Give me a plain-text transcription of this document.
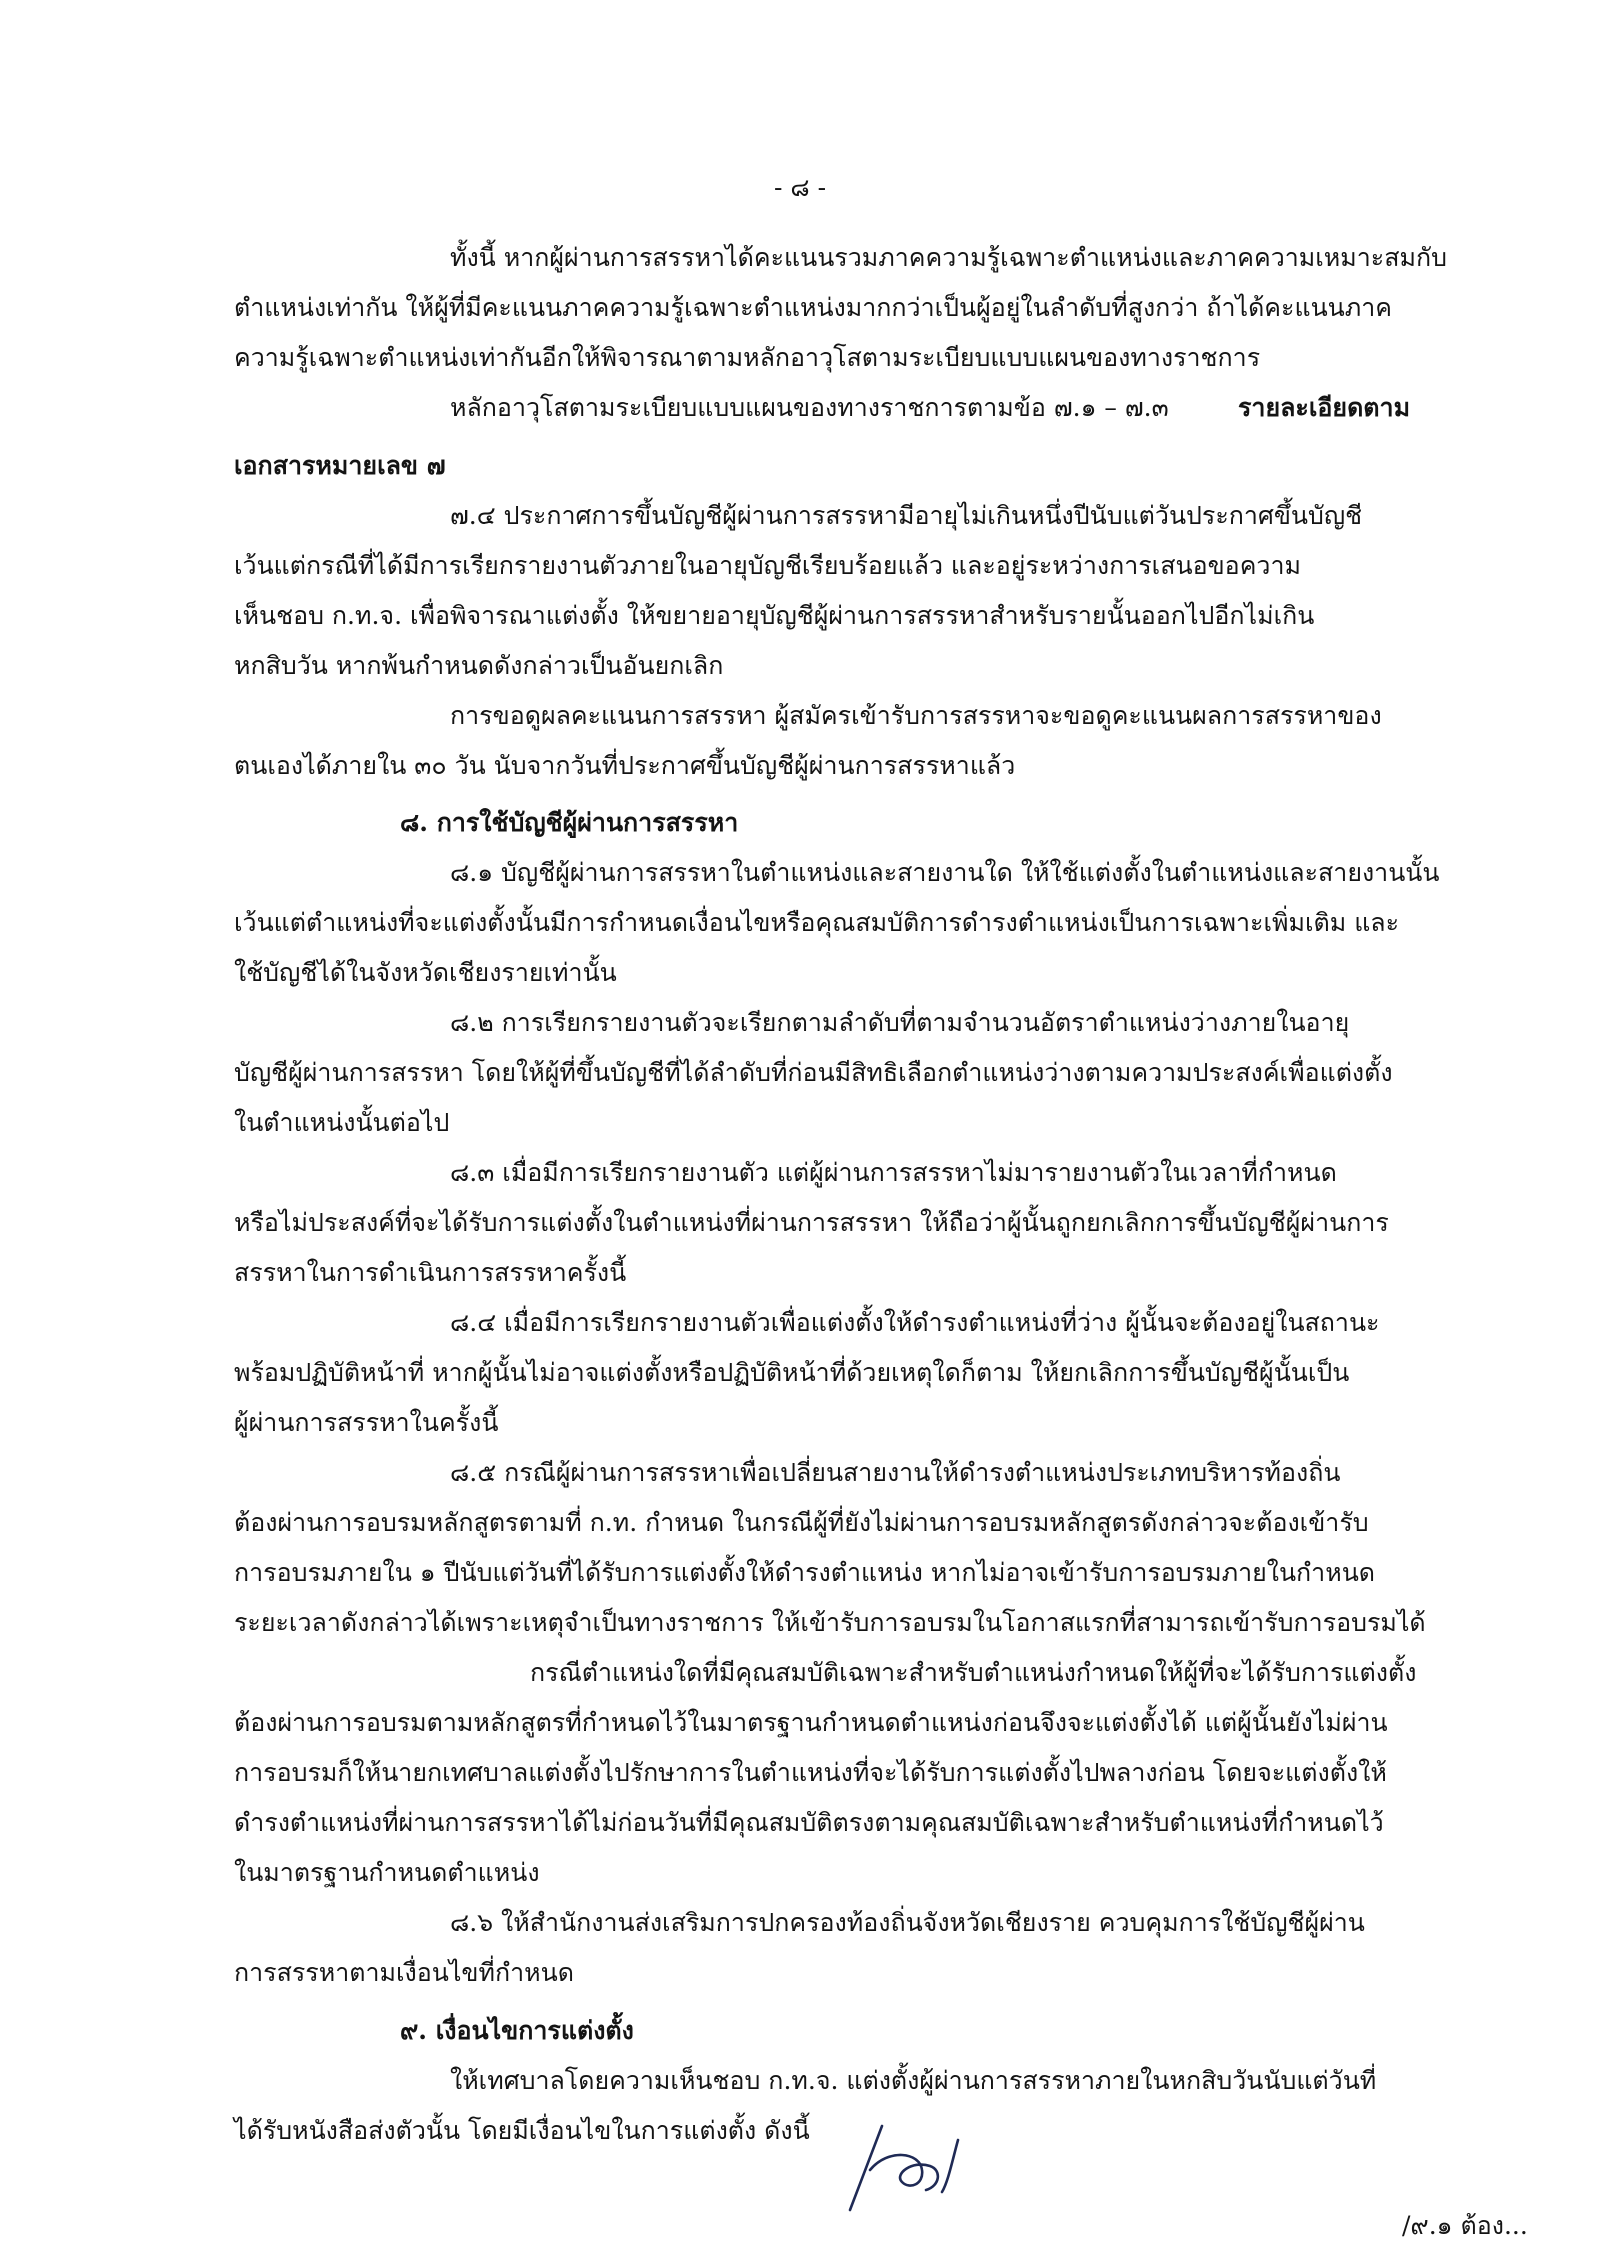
- ๘ -
ทั้งนี้ หากผู้ผ่านการสรรหาได้คะแนนรวมภาคความรู้เฉพาะตำแหน่งและภาคความเหมาะสมกับ
ตำแหน่งเท่ากัน ให้ผู้ที่มีคะแนนภาคความรู้เฉพาะตำแหน่งมากกว่าเป็นผู้อยู่ในลำดับที่สูงกว่า ถ้าได้คะแนนภาค
ความรู้เฉพาะตำแหน่งเท่ากันอีกให้พิจารณาตามหลักอาวุโสตามระเบียบแบบแผนของทางราชการ
หลักอาวุโสตามระเบียบแบบแผนของทางราชการตามข้อ ๗.๑ – ๗.๓	รายละเอียดตาม
เอกสารหมายเลข ๗
๗.๔ ประกาศการขึ้นบัญชีผู้ผ่านการสรรหามีอายุไม่เกินหนึ่งปีนับแต่วันประกาศขึ้นบัญชี
เว้นแต่กรณีที่ได้มีการเรียกรายงานตัวภายในอายุบัญชีเรียบร้อยแล้ว และอยู่ระหว่างการเสนอขอความ
เห็นชอบ ก.ท.จ. เพื่อพิจารณาแต่งตั้ง ให้ขยายอายุบัญชีผู้ผ่านการสรรหาสำหรับรายนั้นออกไปอีกไม่เกิน
หกสิบวัน หากพ้นกำหนดดังกล่าวเป็นอันยกเลิก
การขอดูผลคะแนนการสรรหา ผู้สมัครเข้ารับการสรรหาจะขอดูคะแนนผลการสรรหาของ
ตนเองได้ภายใน ๓๐ วัน นับจากวันที่ประกาศขึ้นบัญชีผู้ผ่านการสรรหาแล้ว
๘. การใช้บัญชีผู้ผ่านการสรรหา
๘.๑ บัญชีผู้ผ่านการสรรหาในตำแหน่งและสายงานใด ให้ใช้แต่งตั้งในตำแหน่งและสายงานนั้น
เว้นแต่ตำแหน่งที่จะแต่งตั้งนั้นมีการกำหนดเงื่อนไขหรือคุณสมบัติการดำรงตำแหน่งเป็นการเฉพาะเพิ่มเติม และ
ใช้บัญชีได้ในจังหวัดเชียงรายเท่านั้น
๘.๒ การเรียกรายงานตัวจะเรียกตามลำดับที่ตามจำนวนอัตราตำแหน่งว่างภายในอายุ
บัญชีผู้ผ่านการสรรหา โดยให้ผู้ที่ขึ้นบัญชีที่ได้ลำดับที่ก่อนมีสิทธิเลือกตำแหน่งว่างตามความประสงค์เพื่อแต่งตั้ง
ในตำแหน่งนั้นต่อไป
๘.๓ เมื่อมีการเรียกรายงานตัว แต่ผู้ผ่านการสรรหาไม่มารายงานตัวในเวลาที่กำหนด
หรือไม่ประสงค์ที่จะได้รับการแต่งตั้งในตำแหน่งที่ผ่านการสรรหา ให้ถือว่าผู้นั้นถูกยกเลิกการขึ้นบัญชีผู้ผ่านการ
สรรหาในการดำเนินการสรรหาครั้งนี้
๘.๔ เมื่อมีการเรียกรายงานตัวเพื่อแต่งตั้งให้ดำรงตำแหน่งที่ว่าง ผู้นั้นจะต้องอยู่ในสถานะ
พร้อมปฏิบัติหน้าที่ หากผู้นั้นไม่อาจแต่งตั้งหรือปฏิบัติหน้าที่ด้วยเหตุใดก็ตาม ให้ยกเลิกการขึ้นบัญชีผู้นั้นเป็น
ผู้ผ่านการสรรหาในครั้งนี้
๘.๕ กรณีผู้ผ่านการสรรหาเพื่อเปลี่ยนสายงานให้ดำรงตำแหน่งประเภทบริหารท้องถิ่น
ต้องผ่านการอบรมหลักสูตรตามที่ ก.ท. กำหนด ในกรณีผู้ที่ยังไม่ผ่านการอบรมหลักสูตรดังกล่าวจะต้องเข้ารับ
การอบรมภายใน ๑ ปีนับแต่วันที่ได้รับการแต่งตั้งให้ดำรงตำแหน่ง หากไม่อาจเข้ารับการอบรมภายในกำหนด
ระยะเวลาดังกล่าวได้เพราะเหตุจำเป็นทางราชการ ให้เข้ารับการอบรมในโอกาสแรกที่สามารถเข้ารับการอบรมได้
กรณีตำแหน่งใดที่มีคุณสมบัติเฉพาะสำหรับตำแหน่งกำหนดให้ผู้ที่จะได้รับการแต่งตั้ง
ต้องผ่านการอบรมตามหลักสูตรที่กำหนดไว้ในมาตรฐานกำหนดตำแหน่งก่อนจึงจะแต่งตั้งได้ แต่ผู้นั้นยังไม่ผ่าน
การอบรมก็ให้นายกเทศบาลแต่งตั้งไปรักษาการในตำแหน่งที่จะได้รับการแต่งตั้งไปพลางก่อน โดยจะแต่งตั้งให้
ดำรงตำแหน่งที่ผ่านการสรรหาได้ไม่ก่อนวันที่มีคุณสมบัติตรงตามคุณสมบัติเฉพาะสำหรับตำแหน่งที่กำหนดไว้
ในมาตรฐานกำหนดตำแหน่ง
๘.๖ ให้สำนักงานส่งเสริมการปกครองท้องถิ่นจังหวัดเชียงราย ควบคุมการใช้บัญชีผู้ผ่าน
การสรรหาตามเงื่อนไขที่กำหนด
๙. เงื่อนไขการแต่งตั้ง
ให้เทศบาลโดยความเห็นชอบ ก.ท.จ. แต่งตั้งผู้ผ่านการสรรหาภายในหกสิบวันนับแต่วันที่
ได้รับหนังสือส่งตัวนั้น โดยมีเงื่อนไขในการแต่งตั้ง ดังนี้
/๙.๑ ต้อง...
